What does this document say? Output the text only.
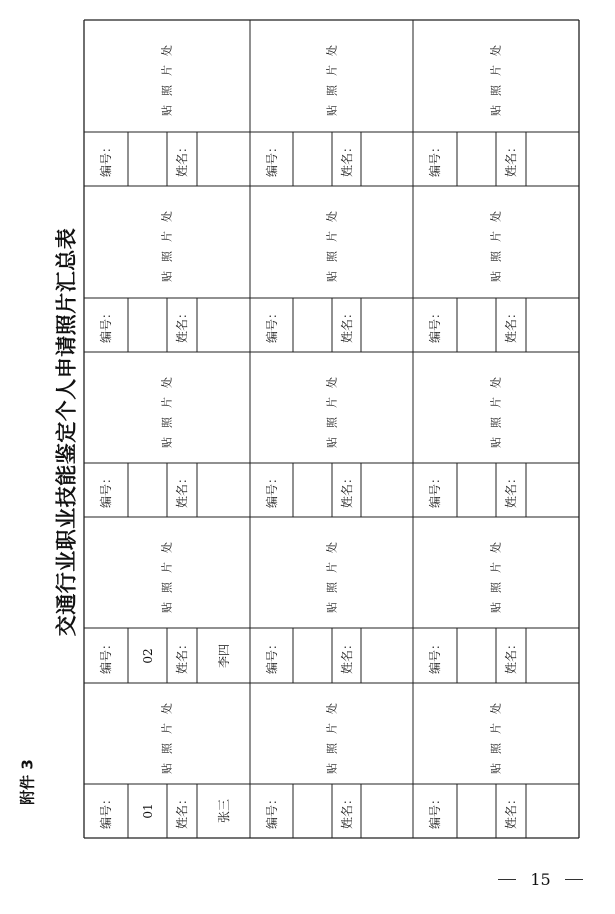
附件 3
交通行业职业技能鉴定个人申请照片汇总表
编号： 01 姓名： 张三
贴照片处
编号： 02 姓名： 李四
贴照片处
编号：	姓名：
贴照片处
编号：	姓名：
贴照片处
编号：	姓名：
贴照片处
编号：	姓名：
贴照片处
编号：	姓名：
贴照片处
编号：	姓名：
贴照片处
编号：	姓名：
贴照片处
编号：	姓名：
贴照片处
编号：	姓名：
贴照片处
编号：	姓名：
贴照片处
编号：	姓名：
贴照片处
编号：	姓名：
贴照片处
编号：	姓名：
贴照片处
15
